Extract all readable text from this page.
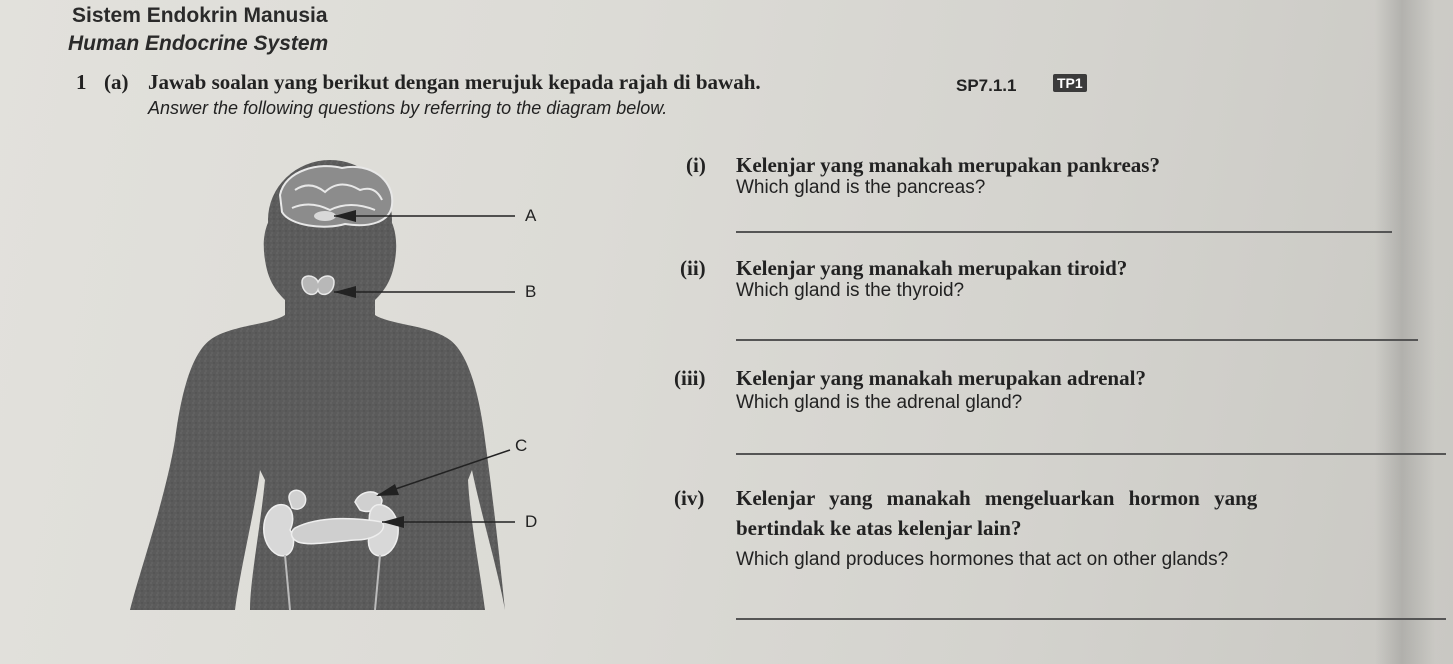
Sistem Endokrin Manusia
Human Endocrine System
1 (a) Jawab soalan yang berikut dengan merujuk kepada rajah di bawah.	SP7.1.1	TP1
Answer the following questions by referring to the diagram below.
A
B
C
D
(i) Kelenjar yang manakah merupakan pankreas?
Which gland is the pancreas?
(ii) Kelenjar yang manakah merupakan tiroid?
Which gland is the thyroid?
(iii) Kelenjar yang manakah merupakan adrenal?
Which gland is the adrenal gland?
(iv) Kelenjar yang manakah mengeluarkan hormon yang
bertindak ke atas kelenjar lain?
Which gland produces hormones that act on other glands?
